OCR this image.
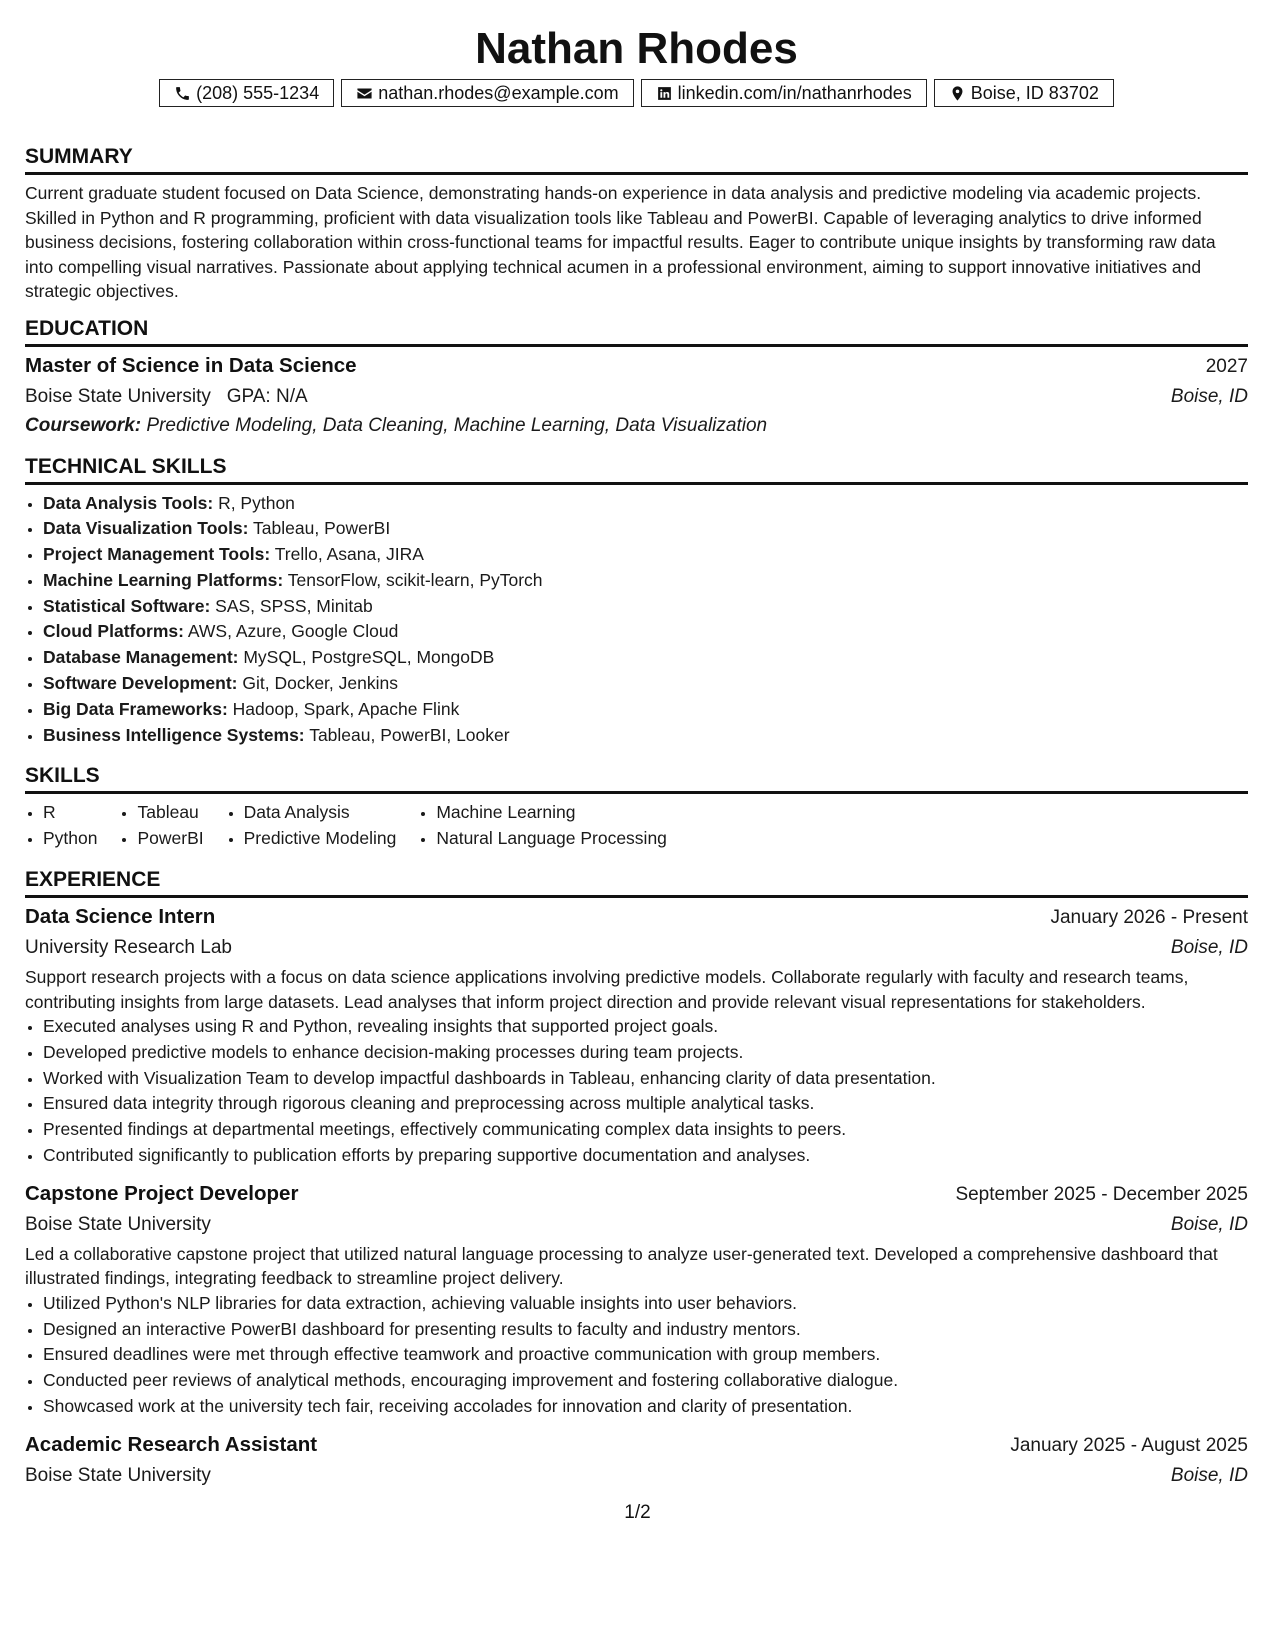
Nathan Rhodes
(208) 555-1234	nathan.rhodes@example.com	linkedin.com/in/nathanrhodes	Boise, ID 83702
SUMMARY

Current graduate student focused on Data Science, demonstrating hands-on experience in data analysis and predictive modeling via academic projects. Skilled in Python and R programming, proficient with data visualization tools like Tableau and PowerBI. Capable of leveraging analytics to drive informed business decisions, fostering collaboration within cross-functional teams for impactful results. Eager to contribute unique insights by transforming raw data into compelling visual narratives. Passionate about applying technical acumen in a professional environment, aiming to support innovative initiatives and strategic objectives.

EDUCATION
Master of Science in Data Science	2027
Boise State University GPA: N/A	Boise, ID
Coursework: Predictive Modeling, Data Cleaning, Machine Learning, Data Visualization
TECHNICAL SKILLS
• Data Analysis Tools: R, Python
• Data Visualization Tools: Tableau, PowerBI
• Project Management Tools: Trello, Asana, JIRA
• Machine Learning Platforms: TensorFlow, scikit-learn, PyTorch
• Statistical Software: SAS, SPSS, Minitab
• Cloud Platforms: AWS, Azure, Google Cloud
• Database Management: MySQL, PostgreSQL, MongoDB
• Software Development: Git, Docker, Jenkins
• Big Data Frameworks: Hadoop, Spark, Apache Flink
• Business Intelligence Systems: Tableau, PowerBI, Looker
SKILLS
• R
• Python
• Tableau
• PowerBI
• Data Analysis
• Predictive Modeling
• Machine Learning
• Natural Language Processing
EXPERIENCE
Data Science Intern	January 2026 - Present
University Research Lab	Boise, ID

Support research projects with a focus on data science applications involving predictive models. Collaborate regularly with faculty and research teams, contributing insights from large datasets. Lead analyses that inform project direction and provide relevant visual representations for stakeholders.

• Executed analyses using R and Python, revealing insights that supported project goals.
• Developed predictive models to enhance decision-making processes during team projects.
• Worked with Visualization Team to develop impactful dashboards in Tableau, enhancing clarity of data presentation.
• Ensured data integrity through rigorous cleaning and preprocessing across multiple analytical tasks.
• Presented findings at departmental meetings, effectively communicating complex data insights to peers.
• Contributed significantly to publication efforts by preparing supportive documentation and analyses.
Capstone Project Developer	September 2025 - December 2025
Boise State University	Boise, ID

Led a collaborative capstone project that utilized natural language processing to analyze user-generated text. Developed a comprehensive dashboard that illustrated findings, integrating feedback to streamline project delivery.

• Utilized Python's NLP libraries for data extraction, achieving valuable insights into user behaviors.
• Designed an interactive PowerBI dashboard for presenting results to faculty and industry mentors.
• Ensured deadlines were met through effective teamwork and proactive communication with group members.
• Conducted peer reviews of analytical methods, encouraging improvement and fostering collaborative dialogue.
• Showcased work at the university tech fair, receiving accolades for innovation and clarity of presentation.
Academic Research Assistant	January 2025 - August 2025
Boise State University	Boise, ID
1/2
